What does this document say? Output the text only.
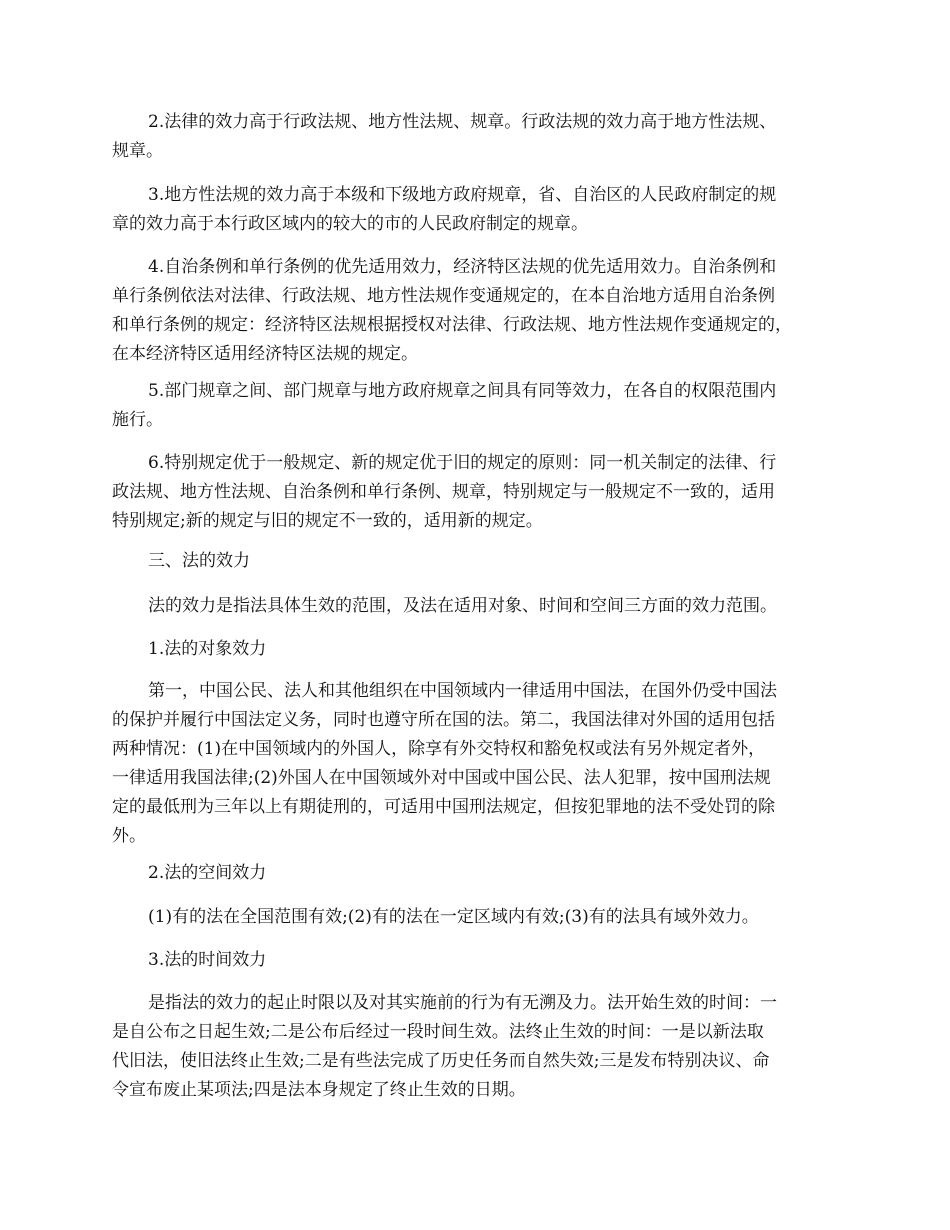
2.法律的效力高于行政法规、地方性法规、规章。行政法规的效力高于地方性法规、
规章。
3.地方性法规的效力高于本级和下级地方政府规章，省、自治区的人民政府制定的规
章的效力高于本行政区域内的较大的市的人民政府制定的规章。
4.自治条例和单行条例的优先适用效力，经济特区法规的优先适用效力。自治条例和
单行条例依法对法律、行政法规、地方性法规作变通规定的，在本自治地方适用自治条例
和单行条例的规定：经济特区法规根据授权对法律、行政法规、地方性法规作变通规定的，
在本经济特区适用经济特区法规的规定。
5.部门规章之间、部门规章与地方政府规章之间具有同等效力，在各自的权限范围内
施行。
6.特别规定优于一般规定、新的规定优于旧的规定的原则：同一机关制定的法律、行
政法规、地方性法规、自治条例和单行条例、规章，特别规定与一般规定不一致的，适用
特别规定;新的规定与旧的规定不一致的，适用新的规定。
三、法的效力
法的效力是指法具体生效的范围，及法在适用对象、时间和空间三方面的效力范围。
1.法的对象效力
第一，中国公民、法人和其他组织在中国领域内一律适用中国法，在国外仍受中国法
的保护并履行中国法定义务，同时也遵守所在国的法。第二，我国法律对外国的适用包括
两种情况：(1)在中国领域内的外国人，除享有外交特权和豁免权或法有另外规定者外，
一律适用我国法律;(2)外国人在中国领域外对中国或中国公民、法人犯罪，按中国刑法规
定的最低刑为三年以上有期徒刑的，可适用中国刑法规定，但按犯罪地的法不受处罚的除
外。
2.法的空间效力
(1)有的法在全国范围有效;(2)有的法在一定区域内有效;(3)有的法具有域外效力。
3.法的时间效力
是指法的效力的起止时限以及对其实施前的行为有无溯及力。法开始生效的时间：一
是自公布之日起生效;二是公布后经过一段时间生效。法终止生效的时间：一是以新法取
代旧法，使旧法终止生效;二是有些法完成了历史任务而自然失效;三是发布特别决议、命
令宣布废止某项法;四是法本身规定了终止生效的日期。
